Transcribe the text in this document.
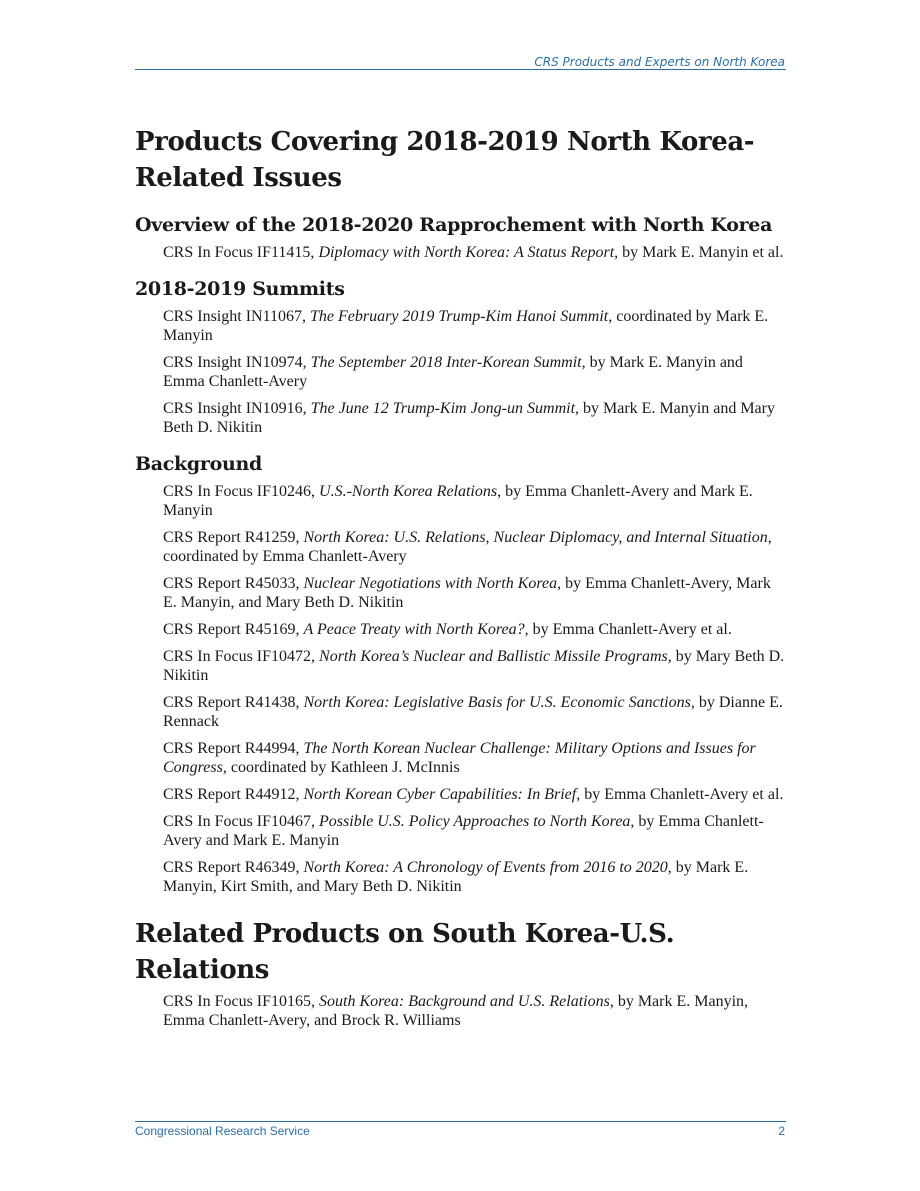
CRS Products and Experts on North Korea
Products Covering 2018-2019 North Korea-Related Issues
Overview of the 2018-2020 Rapprochement with North Korea

CRS In Focus IF11415, Diplomacy with North Korea: A Status Report, by Mark E. Manyin et al.

2018-2019 Summits

CRS Insight IN11067, The February 2019 Trump-Kim Hanoi Summit, coordinated by Mark E. Manyin

CRS Insight IN10974, The September 2018 Inter-Korean Summit, by Mark E. Manyin and Emma Chanlett-Avery

CRS Insight IN10916, The June 12 Trump-Kim Jong-un Summit, by Mark E. Manyin and Mary Beth D. Nikitin

Background

CRS In Focus IF10246, U.S.-North Korea Relations, by Emma Chanlett-Avery and Mark E. Manyin

CRS Report R41259, North Korea: U.S. Relations, Nuclear Diplomacy, and Internal Situation, coordinated by Emma Chanlett-Avery

CRS Report R45033, Nuclear Negotiations with North Korea, by Emma Chanlett-Avery, Mark E. Manyin, and Mary Beth D. Nikitin

CRS Report R45169, A Peace Treaty with North Korea?, by Emma Chanlett-Avery et al.

CRS In Focus IF10472, North Korea’s Nuclear and Ballistic Missile Programs, by Mary Beth D. Nikitin

CRS Report R41438, North Korea: Legislative Basis for U.S. Economic Sanctions, by Dianne E. Rennack

CRS Report R44994, The North Korean Nuclear Challenge: Military Options and Issues for Congress, coordinated by Kathleen J. McInnis

CRS Report R44912, North Korean Cyber Capabilities: In Brief, by Emma Chanlett-Avery et al.

CRS In Focus IF10467, Possible U.S. Policy Approaches to North Korea, by Emma Chanlett-Avery and Mark E. Manyin

CRS Report R46349, North Korea: A Chronology of Events from 2016 to 2020, by Mark E. Manyin, Kirt Smith, and Mary Beth D. Nikitin

Related Products on South Korea-U.S. Relations

CRS In Focus IF10165, South Korea: Background and U.S. Relations, by Mark E. Manyin, Emma Chanlett-Avery, and Brock R. Williams

Congressional Research Service	2
